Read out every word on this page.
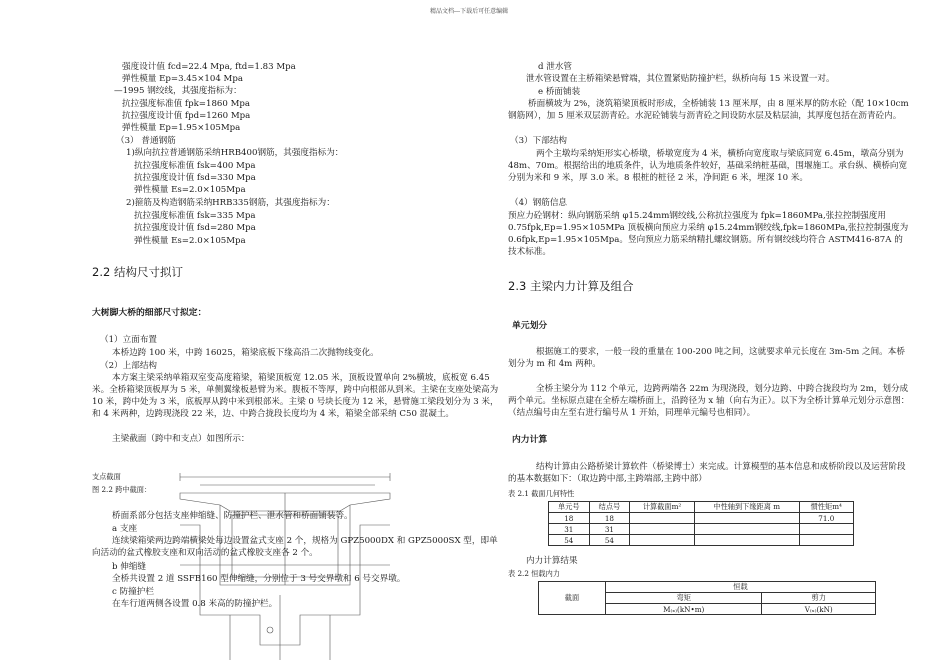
精品文档---下载后可任意编辑
强度设计值 fcd=22.4 Mpa, ftd=1.83 Mpa
弹性模量 Ep=3.45×104 Mpa
—1995 钢绞线，其强度指标为：
抗拉强度标准值 fpk=1860 Mpa
抗拉强度设计值 fpd=1260 Mpa
弹性模量 Ep=1.95×105Mpa
（3） 普通钢筋
1)纵向抗拉普通钢筋采纳HRB400钢筋，其强度指标为：
抗拉强度标准值 fsk=400 Mpa
抗拉强度设计值 fsd=330 Mpa
弹性模量 Es=2.0×105Mpa
2)箍筋及构造钢筋采纳HRB335钢筋，其强度指标为：
抗拉强度标准值 fsk=335 Mpa
抗拉强度设计值 fsd=280 Mpa
弹性模量 Es=2.0×105Mpa
2.2 结构尺寸拟订
大树脚大桥的细部尺寸拟定：
（1）立面布置
本桥边跨 100 米，中跨 16025，箱梁底板下缘高沿二次抛物线变化。
（2）上部结构
本方案主梁采纳单箱双室变高度箱梁，箱梁顶板宽 12.05 米，顶板设置单向 2%横坡，底板宽 6.45 米。全桥箱梁顶板厚为 5 米，单侧翼缘板悬臂为米。腹板不等厚，跨中向根部从到米。主梁在支座处梁高为 10 米，跨中处为 3 米，底板厚从跨中米到根部米。主梁 0 号块长度为 12 米，悬臂施工梁段划分为 3 米，和 4 米两种，边跨现浇段 22 米，边、中跨合拢段长度均为 4 米，箱梁全部采纳 C50 混凝土。
主梁截面（跨中和支点）如图所示：
支点截面
图 2.2 跨中截面：
桥面系部分包括支座伸缩缝、防撞护栏、泄水管和桥面铺装等。
a 支座
连续梁箱梁两边跨端横梁处每边设置盆式支座 2 个，规格为 GPZ5000DX 和 GPZ5000SX 型，即单向活动的盆式橡胶支座和双向活动的盆式橡胶支座各 2 个。
b 伸缩缝
全桥共设置 2 道 SSFB160 型伸缩缝，分别位于 3 号交界墩和 6 号交界墩。
c 防撞护栏
在车行道两侧各设置 0.8 米高的防撞护栏。
d 泄水管
泄水管设置在主桥箱梁悬臂端，其位置紧贴防撞护栏，纵桥向每 15 米设置一对。
e 桥面铺装
桥面横坡为 2%，浇筑箱梁顶板时形成，全桥铺装 13 厘米厚，由 8 厘米厚的防水砼（配 10×10cm 钢筋网），加 5 厘米双层沥青砼。水泥砼铺装与沥青砼之间设防水层及粘层油，其厚度包括在沥青砼内。
（3）下部结构
两个主墩均采纳矩形实心桥墩，桥墩宽度为 4 米，横桥向宽度取与梁底同宽 6.45m，墩高分别为 48m、70m。根据给出的地质条件，认为地质条件较好，基础采纳桩基础，围堰施工。承台纵、横桥向宽分别为米和 9 米，厚 3.0 米。8 根桩的桩径 2 米，净间距 6 米，埋深 10 米。
（4）钢筋信息
预应力砼钢材：纵向钢筋采纳 φ15.24mm钢绞线,公称抗拉强度为 fpk=1860MPa,张拉控制强度用 0.75fpk,Ep=1.95×105MPa 顶板横向预应力采纳 φ15.24mm钢绞线,fpk=1860MPa,张拉控制强度为 0.6fpk,Ep=1.95×105Mpa。竖向预应力筋采纳精扎螺纹钢筋。所有钢绞线均符合 ASTM416-87A 的技术标准。
2.3 主梁内力计算及组合
单元划分
根据施工的要求，一般一段的重量在 100-200 吨之间，这就要求单元长度在 3m-5m 之间。本桥划分为 m 和 4m 两种。
全桥主梁分为 112 个单元，边跨两端各 22m 为现浇段，划分边跨、中跨合拢段均为 2m，划分成两个单元。坐标原点建在全桥左端桥面上，沿跨径为 x 轴（向右为正）。以下为全桥计算单元划分示意图：（结点编号由左至右进行编号从 1 开始，同理单元编号也相同）。
内力计算
结构计算由公路桥梁计算软件（桥梁博士）来完成。计算模型的基本信息和成桥阶段以及运营阶段的基本数据如下：（取边跨中部,主跨端部,主跨中部）
表 2.1 截面几何特性
单元号	结点号	计算截面m²	中性轴到下缘距离 m	惯性矩m⁴
18	18			71.0
31	31			
54	54			
内力计算结果
表 2.2 恒载内力
截面	恒载	
	弯矩	剪力
	M₍ₓ₎(kN•m)	V₍ₓ₎(kN)
